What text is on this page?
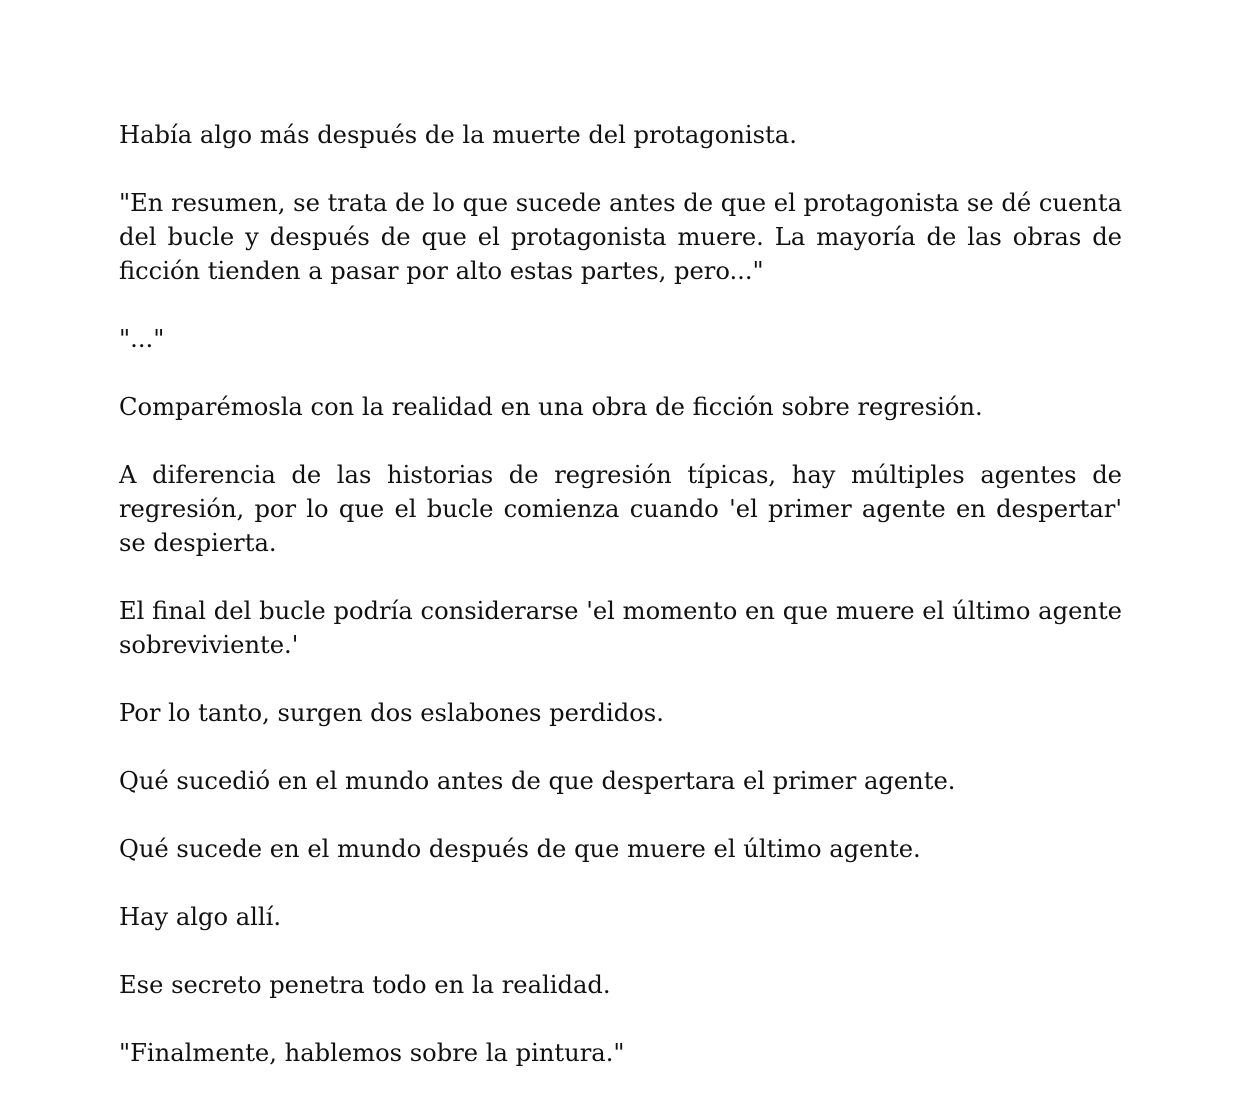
Había algo más después de la muerte del protagonista.

"En resumen, se trata de lo que sucede antes de que el protagonista se dé cuenta del bucle y después de que el protagonista muere. La mayoría de las obras de ficción tienden a pasar por alto estas partes, pero..."

"..."

Comparémosla con la realidad en una obra de ficción sobre regresión.

A diferencia de las historias de regresión típicas, hay múltiples agentes de regresión, por lo que el bucle comienza cuando 'el primer agente en despertar' se despierta.

El final del bucle podría considerarse 'el momento en que muere el último agente sobreviviente.'

Por lo tanto, surgen dos eslabones perdidos.

Qué sucedió en el mundo antes de que despertara el primer agente.

Qué sucede en el mundo después de que muere el último agente.

Hay algo allí.

Ese secreto penetra todo en la realidad.

"Finalmente, hablemos sobre la pintura."
